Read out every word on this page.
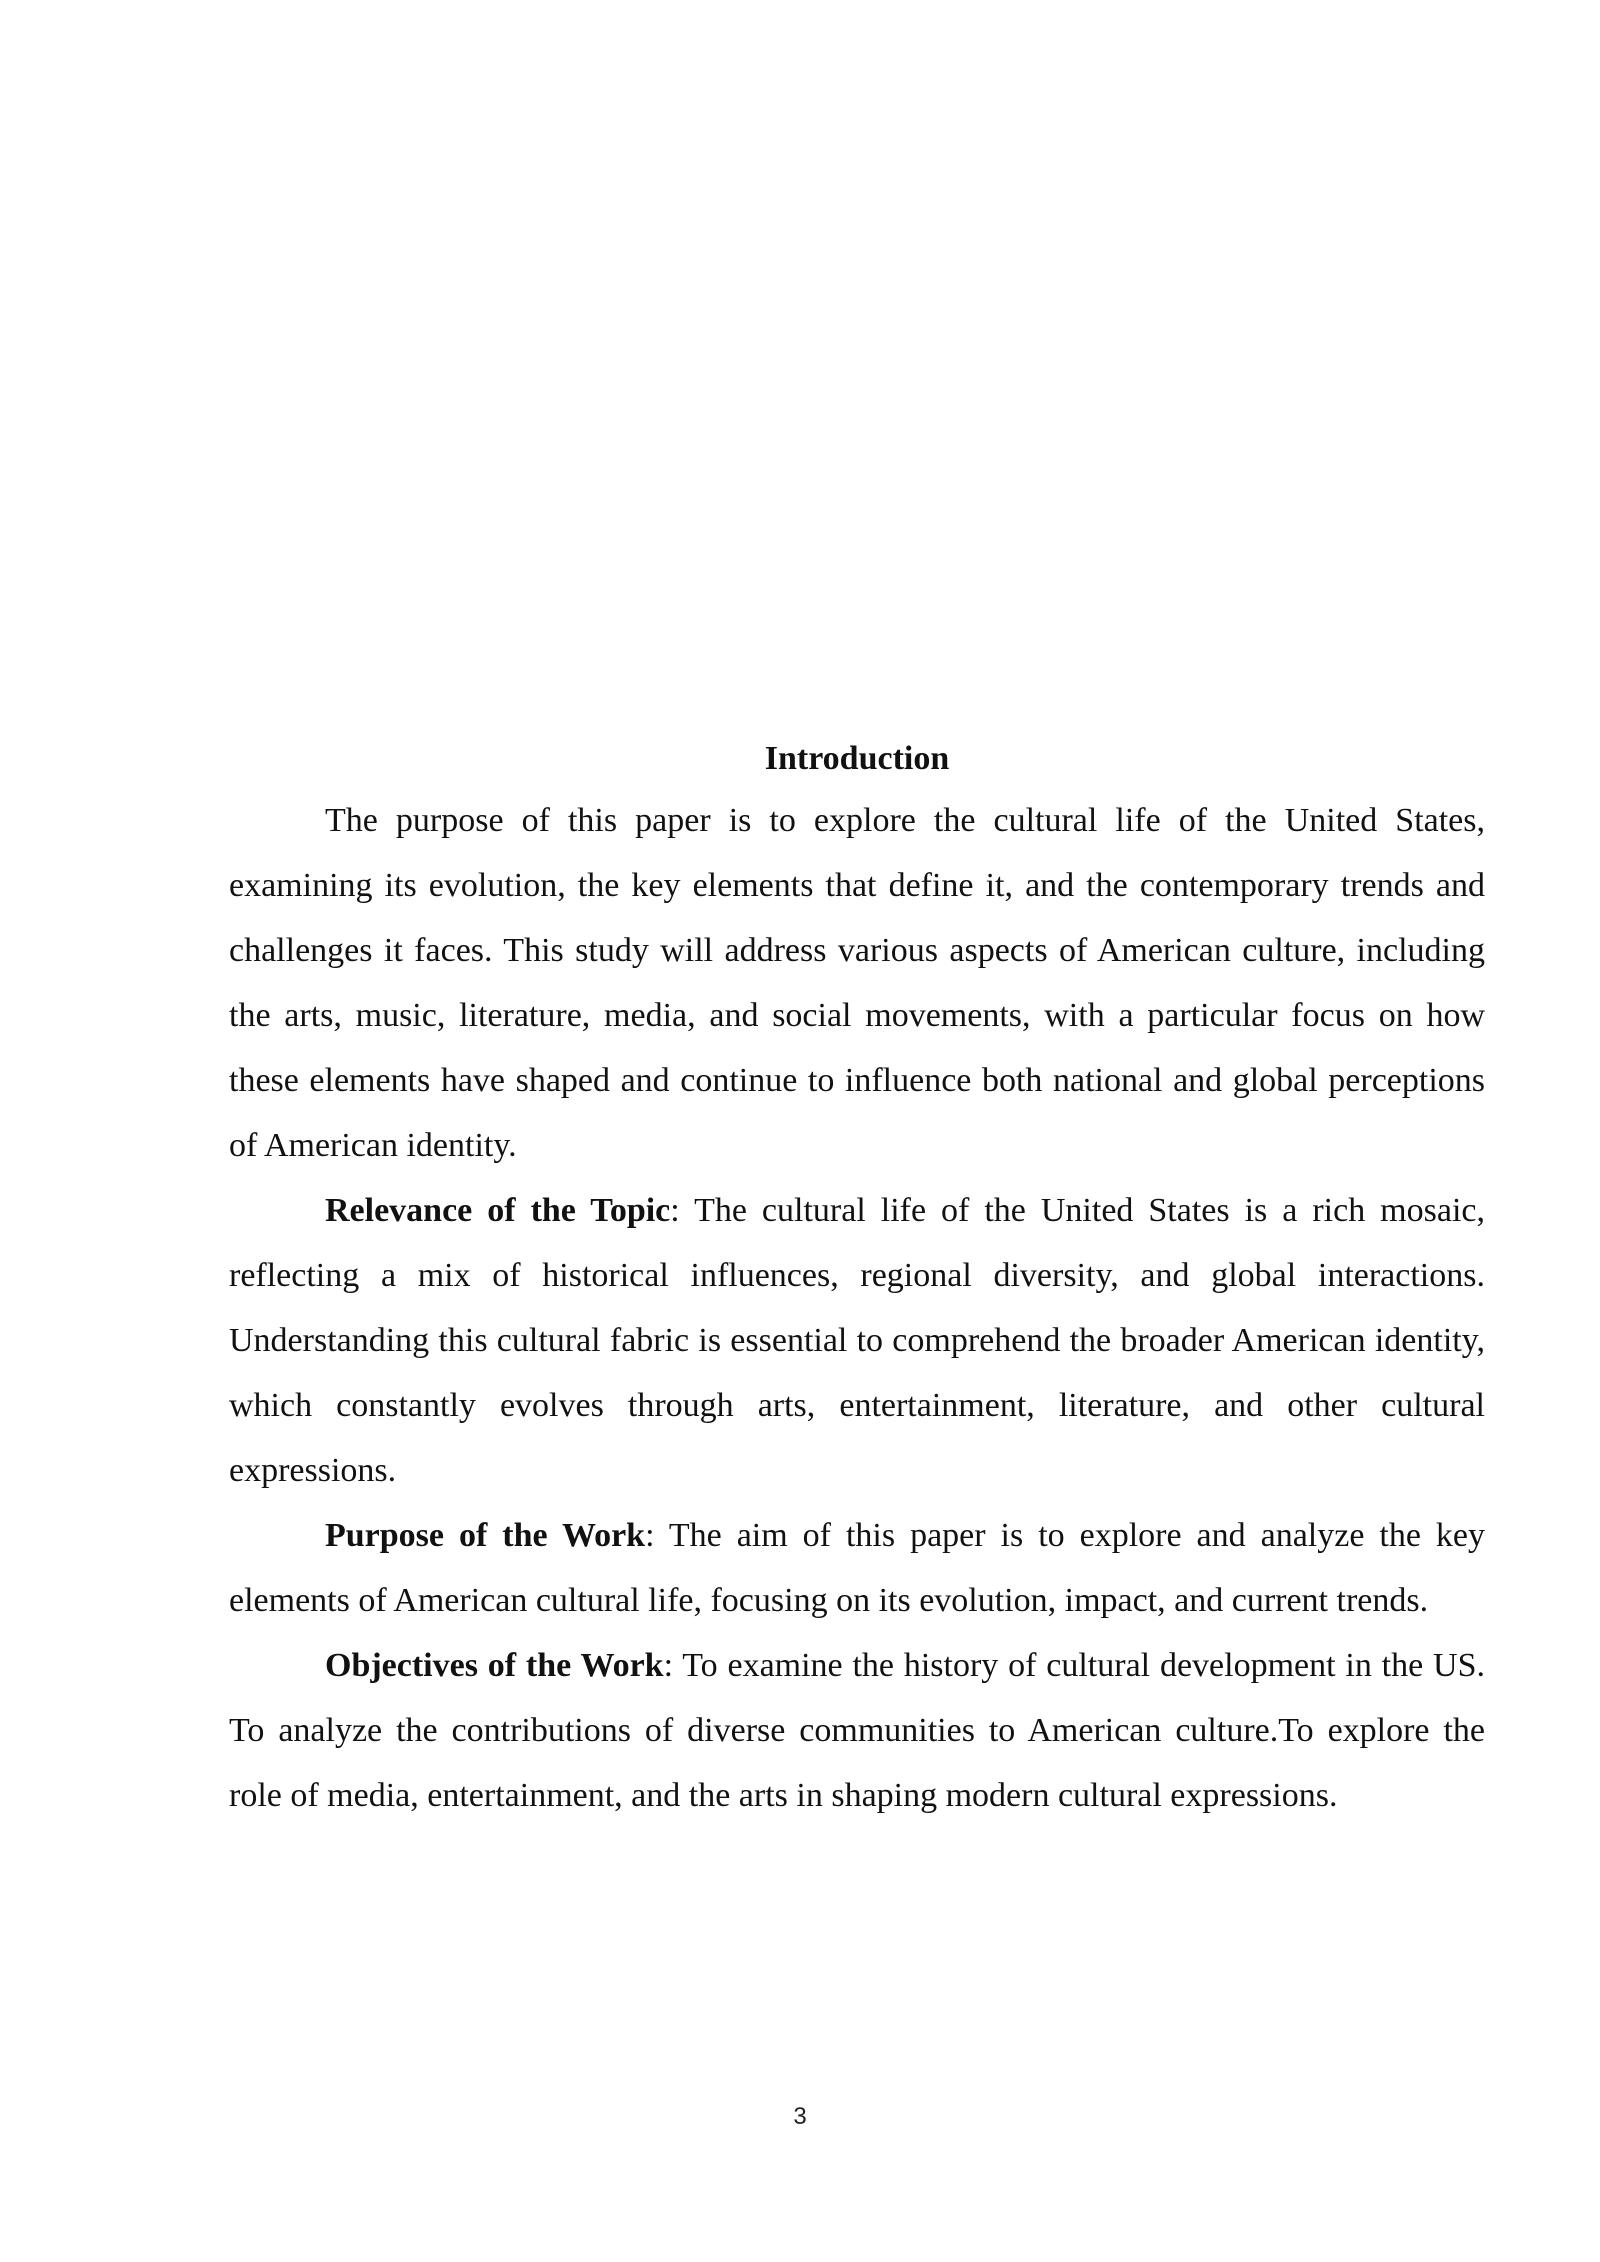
Introduction

The purpose of this paper is to explore the cultural life of the United States, examining its evolution, the key elements that define it, and the contemporary trends and challenges it faces. This study will address various aspects of American culture, including the arts, music, literature, media, and social movements, with a particular focus on how these elements have shaped and continue to influence both national and global perceptions of American identity.

Relevance of the Topic: The cultural life of the United States is a rich mosaic, reflecting a mix of historical influences, regional diversity, and global interactions. Understanding this cultural fabric is essential to comprehend the broader American identity, which constantly evolves through arts, entertainment, literature, and other cultural expressions.

Purpose of the Work: The aim of this paper is to explore and analyze the key elements of American cultural life, focusing on its evolution, impact, and current trends.

Objectives of the Work: To examine the history of cultural development in the US. To analyze the contributions of diverse communities to American culture.To explore the role of media, entertainment, and the arts in shaping modern cultural expressions.

3
